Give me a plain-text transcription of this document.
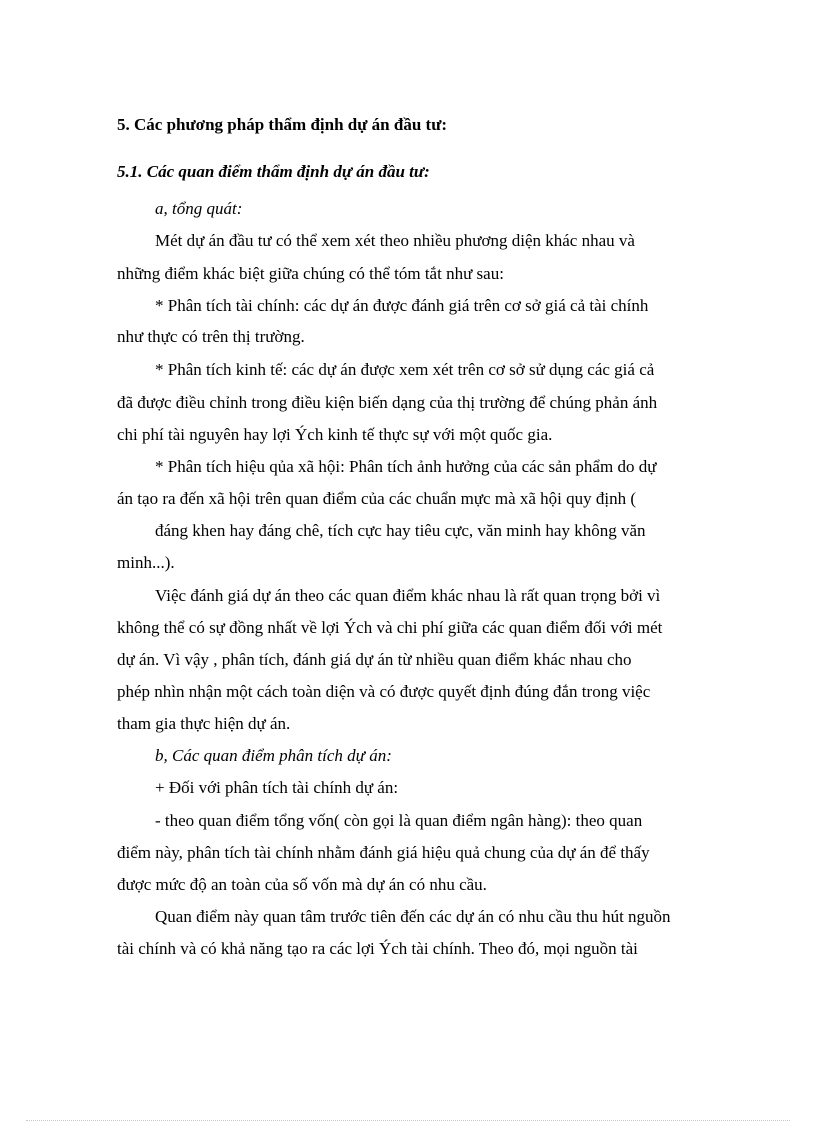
5. Các phương pháp thẩm định dự án đầu tư:
5.1. Các quan điểm thẩm định dự án đầu tư:
a, tổng quát:
Mét dự án đầu tư có thể xem xét theo nhiều phương diện khác nhau và
những điểm khác biệt giữa chúng có thể tóm tắt như sau:
* Phân tích tài chính: các dự án được đánh giá trên cơ sở giá cả tài chính
như thực có trên thị trường.
* Phân tích kinh tế: các dự án được xem xét trên cơ sở sử dụng các giá cả
đã được điều chỉnh trong điều kiện biến dạng của thị trường để chúng phản ánh
chi phí tài nguyên hay lợi Ých kinh tế thực sự với một quốc gia.
* Phân tích hiệu qủa xã hội: Phân tích ảnh hưởng của các sản phẩm do dự
án tạo ra đến xã hội trên quan điểm của các chuẩn mực mà xã hội quy định (
đáng khen hay đáng chê, tích cực hay tiêu cực, văn minh hay không văn
minh...).
Việc đánh giá dự án theo các quan điểm khác nhau là rất quan trọng bởi vì
không thể có sự đồng nhất về lợi Ých và chi phí giữa các quan điểm đối với mét
dự án. Vì vậy , phân tích, đánh giá dự án từ nhiều quan điểm khác nhau cho
phép nhìn nhận một cách toàn diện và có được quyết định đúng đắn trong việc
tham gia thực hiện dự án.
b, Các quan điểm phân tích dự án:
+ Đối với phân tích tài chính dự án:
- theo quan điểm tổng vốn( còn gọi là quan điểm ngân hàng): theo quan
điểm này, phân tích tài chính nhằm đánh giá hiệu quả chung của dự án để thấy
được mức độ an toàn của số vốn mà dự án có nhu cầu.
Quan điểm này quan tâm trước tiên đến các dự án có nhu cầu thu hút nguồn
tài chính và có khả năng tạo ra các lợi Ých tài chính. Theo đó, mọi nguồn tài
